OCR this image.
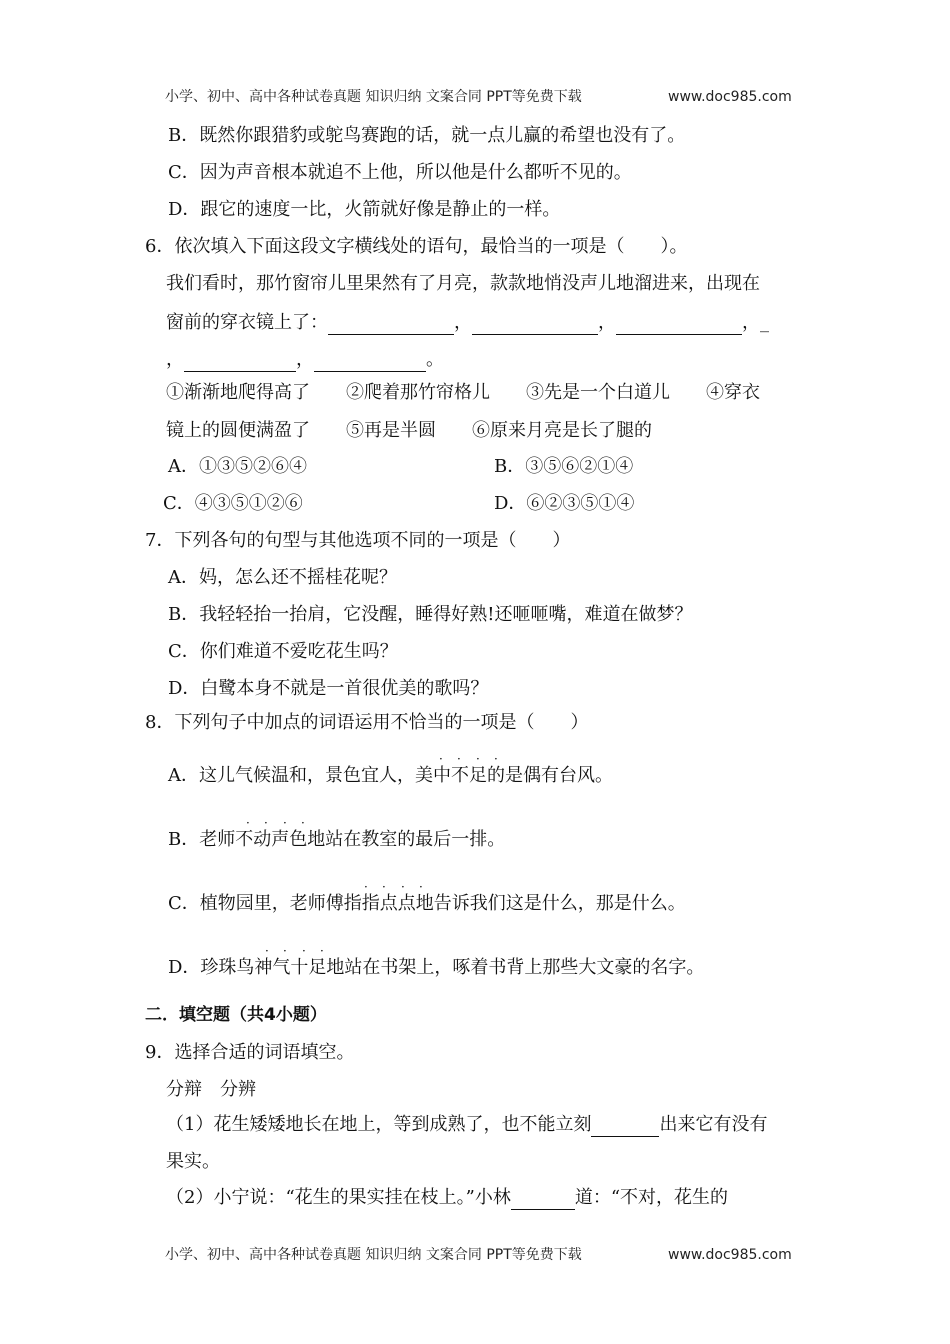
小学、初中、高中各种试卷真题 知识归纳 文案合同 PPT等免费下载	www.doc985.com
B．既然你跟猎豹或鸵鸟赛跑的话，就一点儿赢的希望也没有了。
C．因为声音根本就追不上他，所以他是什么都听不见的。
D．跟它的速度一比，火箭就好像是静止的一样。
6．依次填入下面这段文字横线处的语句，最恰当的一项是（　　）。
我们看时，那竹窗帘儿里果然有了月亮，款款地悄没声儿地溜进来，出现在
窗前的穿衣镜上了：	，	，	，_
，	，	。
①渐渐地爬得高了　　②爬着那竹帘格儿　　③先是一个白道儿　　④穿衣
镜上的圆便满盈了　　⑤再是半圆　　⑥原来月亮是长了腿的
A．①③⑤②⑥④	B．③⑤⑥②①④
C．④③⑤①②⑥	D．⑥②③⑤①④
7．下列各句的句型与其他选项不同的一项是（　　）
A．妈，怎么还不摇桂花呢？
B．我轻轻抬一抬肩，它没醒，睡得好熟!还咂咂嘴，难道在做梦？
C．你们难道不爱吃花生吗？
D．白鹭本身不就是一首很优美的歌吗？
8．下列句子中加点的词语运用不恰当的一项是（　　）
· · · ·
A．这儿气候温和，景色宜人，美中不足的是偶有台风。
· · · ·
B．老师不动声色地站在教室的最后一排。
· · · ·
C．植物园里，老师傅指指点点地告诉我们这是什么，那是什么。
· · · ·
D．珍珠鸟神气十足地站在书架上，啄着书背上那些大文豪的名字。
二．填空题（共4小题）
9．选择合适的词语填空。
分辩　分辨
（1）花生矮矮地长在地上，等到成熟了，也不能立刻	出来它有没有
果实。
（2）小宁说：“花生的果实挂在枝上。”小林	道：“不对，花生的
小学、初中、高中各种试卷真题 知识归纳 文案合同 PPT等免费下载	www.doc985.com
